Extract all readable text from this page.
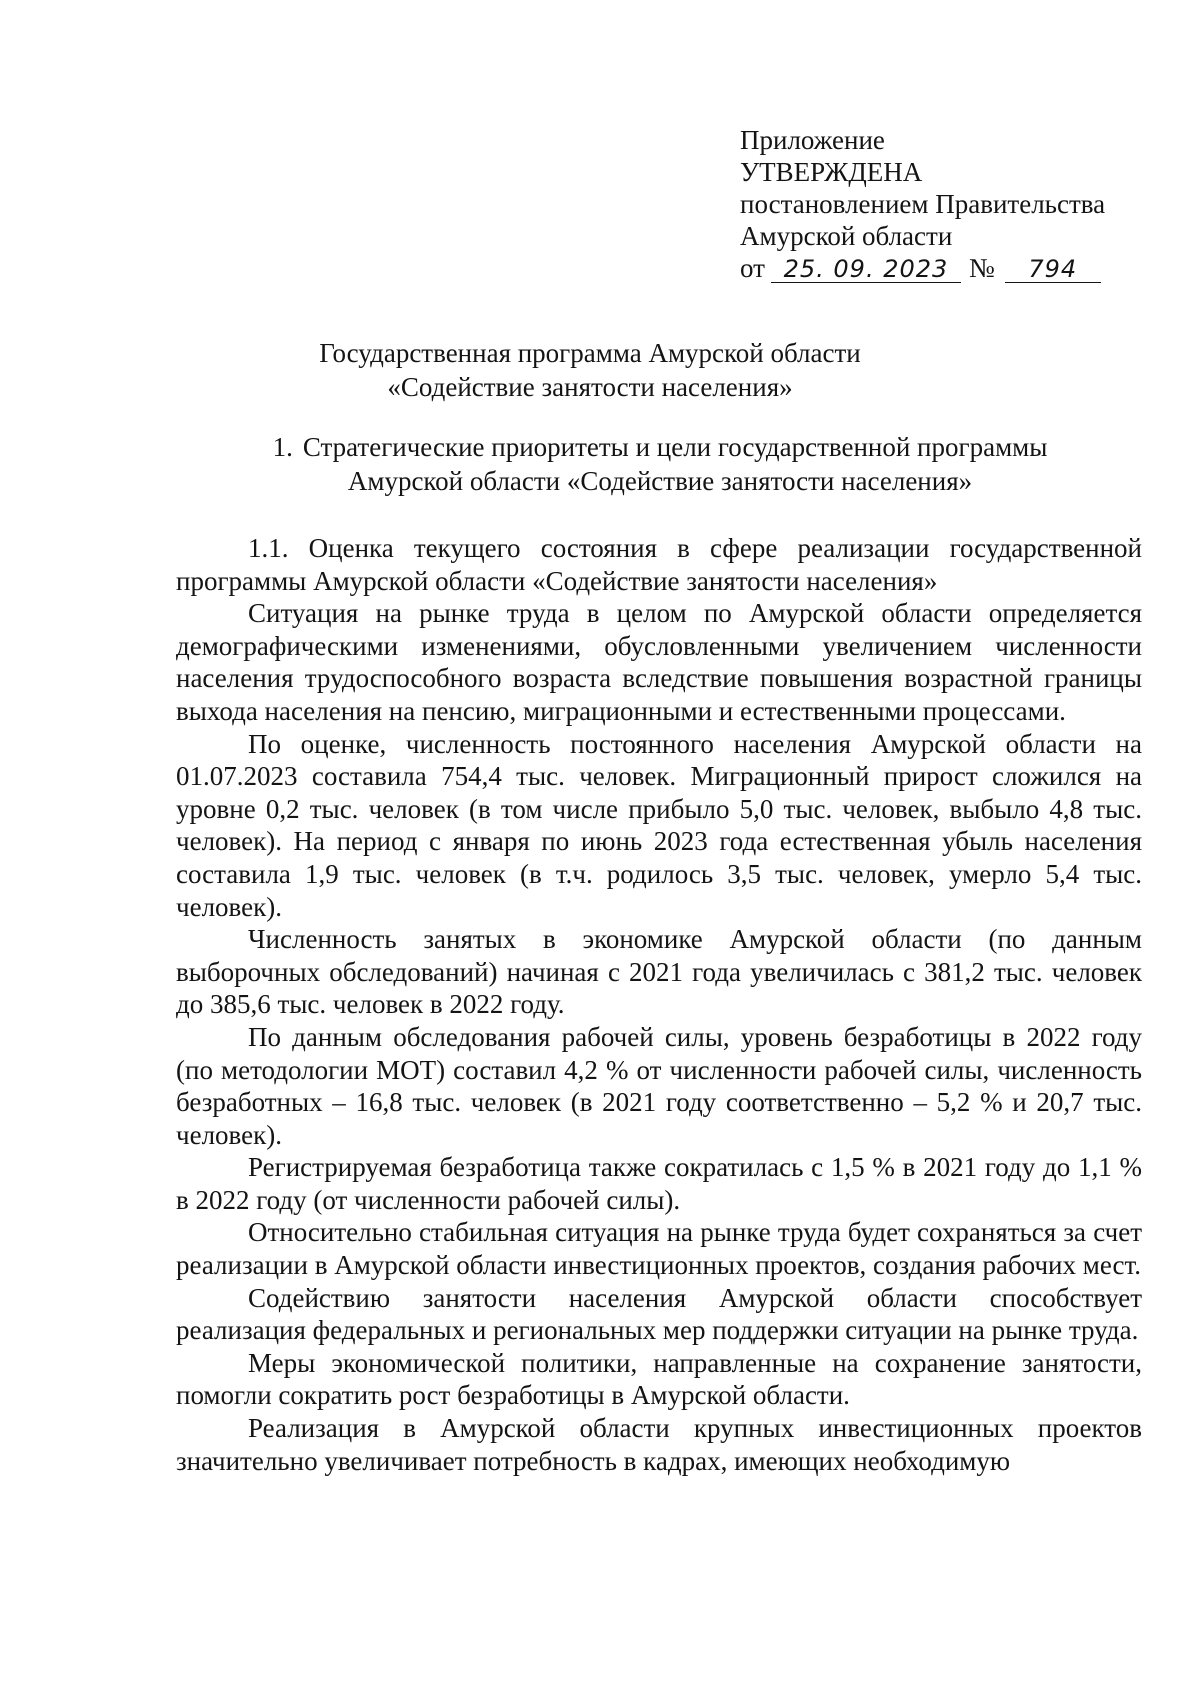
Приложение
УТВЕРЖДЕНА
постановлением Правительства
Амурской области
от 25. 09. 2023 № 794
Государственная программа Амурской области
«Содействие занятости населения»
1. Стратегические приоритеты и цели государственной программы
Амурской области «Содействие занятости населения»

1.1. Оценка текущего состояния в сфере реализации государственной программы Амурской области «Содействие занятости населения»

Ситуация на рынке труда в целом по Амурской области определяется демографическими изменениями, обусловленными увеличением численности населения трудоспособного возраста вследствие повышения возрастной границы выхода населения на пенсию, миграционными и естественными процессами.

По оценке, численность постоянного населения Амурской области на 01.07.2023 составила 754,4 тыс. человек. Миграционный прирост сложился на уровне 0,2 тыс. человек (в том числе прибыло 5,0 тыс. человек, выбыло 4,8 тыс. человек). На период с января по июнь 2023 года естественная убыль населения составила 1,9 тыс. человек (в т.ч. родилось 3,5 тыс. человек, умерло 5,4 тыс. человек).

Численность занятых в экономике Амурской области (по данным выборочных обследований) начиная с 2021 года увеличилась с 381,2 тыс. человек до 385,6 тыс. человек в 2022 году.

По данным обследования рабочей силы, уровень безработицы в 2022 году (по методологии МОТ) составил 4,2 % от численности рабочей силы, численность безработных – 16,8 тыс. человек (в 2021 году соответственно – 5,2 % и 20,7 тыс. человек).

Регистрируемая безработица также сократилась с 1,5 % в 2021 году до 1,1 % в 2022 году (от численности рабочей силы).

Относительно стабильная ситуация на рынке труда будет сохраняться за счет реализации в Амурской области инвестиционных проектов, создания рабочих мест.

Содействию занятости населения Амурской области способствует реализация федеральных и региональных мер поддержки ситуации на рынке труда.

Меры экономической политики, направленные на сохранение занятости, помогли сократить рост безработицы в Амурской области.

Реализация в Амурской области крупных инвестиционных проектов значительно увеличивает потребность в кадрах, имеющих необходимую
